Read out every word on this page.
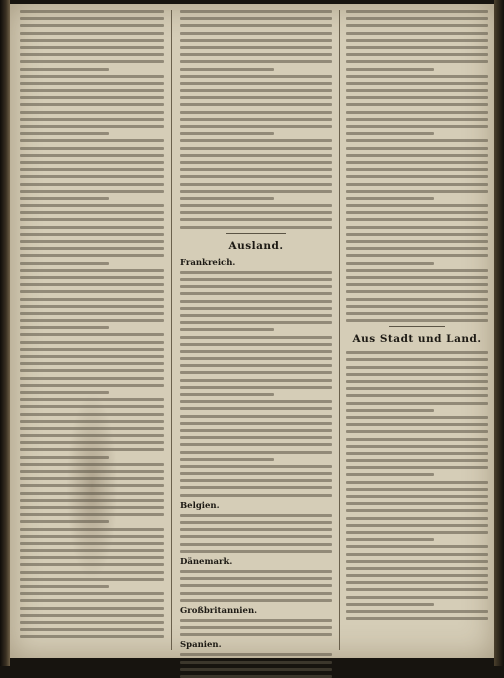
Ausland.
Frankreich.
Belgien.
Dänemark.
Großbritannien.
Spanien.
Aus Stadt und Land.
